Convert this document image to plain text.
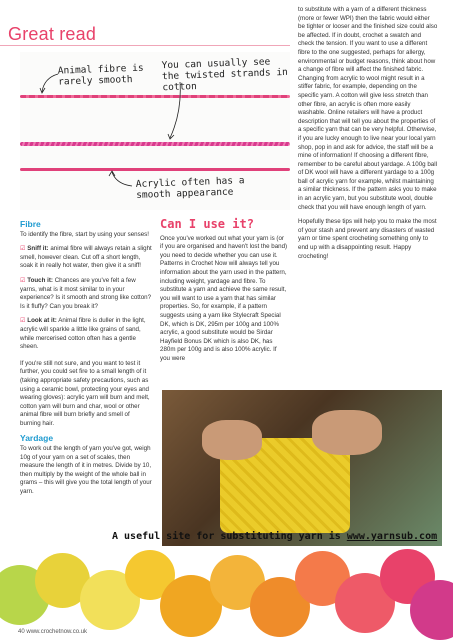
Great read
Animal fibre is rarely smooth
You can usually see the twisted strands in cotton
Acrylic often has a smooth appearance
Fibre

To identify the fibre, start by using your senses!

☑ Sniff it: animal fibre will always retain a slight smell, however clean. Cut off a short length, soak it in really hot water, then give it a sniff!

☑ Touch it: Chances are you've felt a few yarns, what is it most similar to in your experience? Is it smooth and strong like cotton? Is it fluffy? Can you break it?

☑ Look at it: Animal fibre is duller in the light, acrylic will sparkle a little like grains of sand, while mercerised cotton often has a gentle sheen.

If you're still not sure, and you want to test it further, you could set fire to a small length of it (taking appropriate safety precautions, such as using a ceramic bowl, protecting your eyes and wearing gloves): acrylic yarn will burn and melt, cotton yarn will burn and char, wool or other animal fibre will burn briefly and smell of burning hair.

Yardage

To work out the length of yarn you've got, weigh 10g of your yarn on a set of scales, then measure the length of it in metres. Divide by 10, then multiply by the weight of the whole ball in grams – this will give you the total length of your yarn.

Can I use it?

Once you've worked out what your yarn is (or if you are organised and haven't lost the band) you need to decide whether you can use it. Patterns in Crochet Now will always tell you information about the yarn used in the pattern, including weight, yardage and fibre. To substitute a yarn and achieve the same result, you will want to use a yarn that has similar properties. So, for example, if a pattern suggests using a yarn like Stylecraft Special DK, which is DK, 295m per 100g and 100% acrylic, a good substitute would be Sirdar Hayfield Bonus DK which is also DK, has 280m per 100g and is also 100% acrylic. If you were

to substitute with a yarn of a different thickness (more or fewer WPI) then the fabric would either be tighter or looser and the finished size could also be affected. If in doubt, crochet a swatch and check the tension. If you want to use a different fibre to the one suggested, perhaps for allergy, environmental or budget reasons, think about how a change of fibre will affect the finished fabric. Changing from acrylic to wool might result in a stiffer fabric, for example, depending on the specific yarn. A cotton will give less stretch than other fibre, an acrylic is often more easily washable. Online retailers will have a product description that will tell you about the properties of a specific yarn that can be very helpful. Otherwise, if you are lucky enough to live near your local yarn shop, pop in and ask for advice, the staff will be a mine of information! If choosing a different fibre, remember to be careful about yardage. A 100g ball of DK wool will have a different yardage to a 100g ball of acrylic yarn for example, whilst maintaining a similar thickness. If the pattern asks you to make in an acrylic yarn, but you substitute wool, double check that you will have enough length of yarn.

Hopefully these tips will help you to make the most of your stash and prevent any disasters of wasted yarn or time spent crocheting something only to end up with a disappointing result. Happy crocheting!

A useful site for substituting yarn is www.yarnsub.com
40 www.crochetnow.co.uk
